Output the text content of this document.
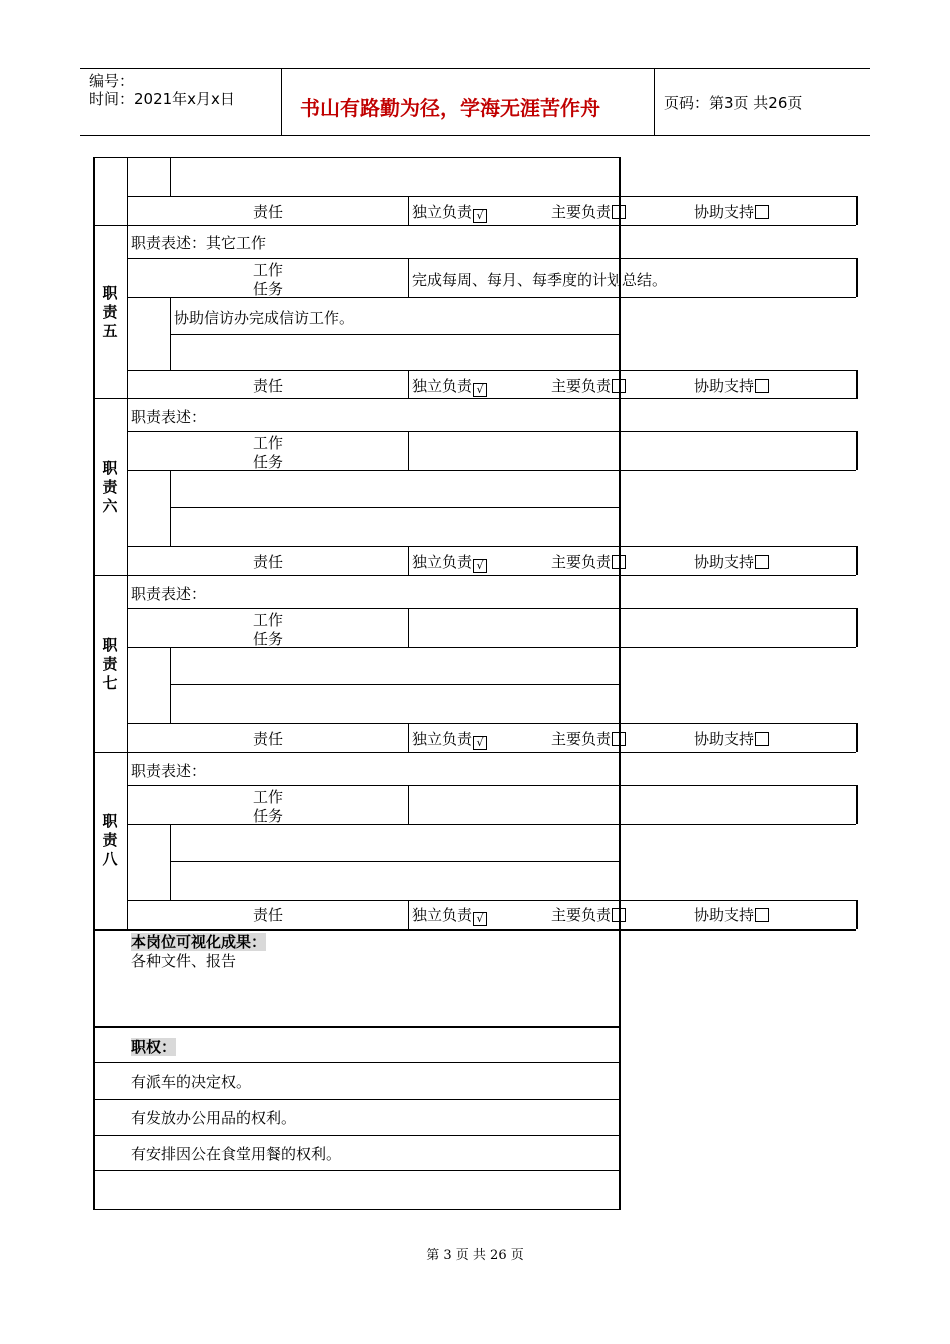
编号：
时间：2021年x月x日	书山有路勤为径，学海无涯苦作舟	页码：第3页 共26页
责任	独立负责 √	主要负责	协助支持
职责表述：其它工作
工作
任务	完成每周、每月、每季度的计划总结。
协助信访办完成信访工作。
责任	独立负责 √	主要负责	协助支持
职
责
五
职责表述：
工作
任务
责任	独立负责 √	主要负责	协助支持
职
责
六
职责表述：
工作
任务
责任	独立负责 √	主要负责	协助支持
职
责
七
职责表述：
工作
任务
责任	独立负责 √	主要负责	协助支持
职
责
八
本岗位可视化成果：
各种文件、报告
职权：
有派车的决定权。
有发放办公用品的权利。
有安排因公在食堂用餐的权利。
第 3 页 共 26 页
